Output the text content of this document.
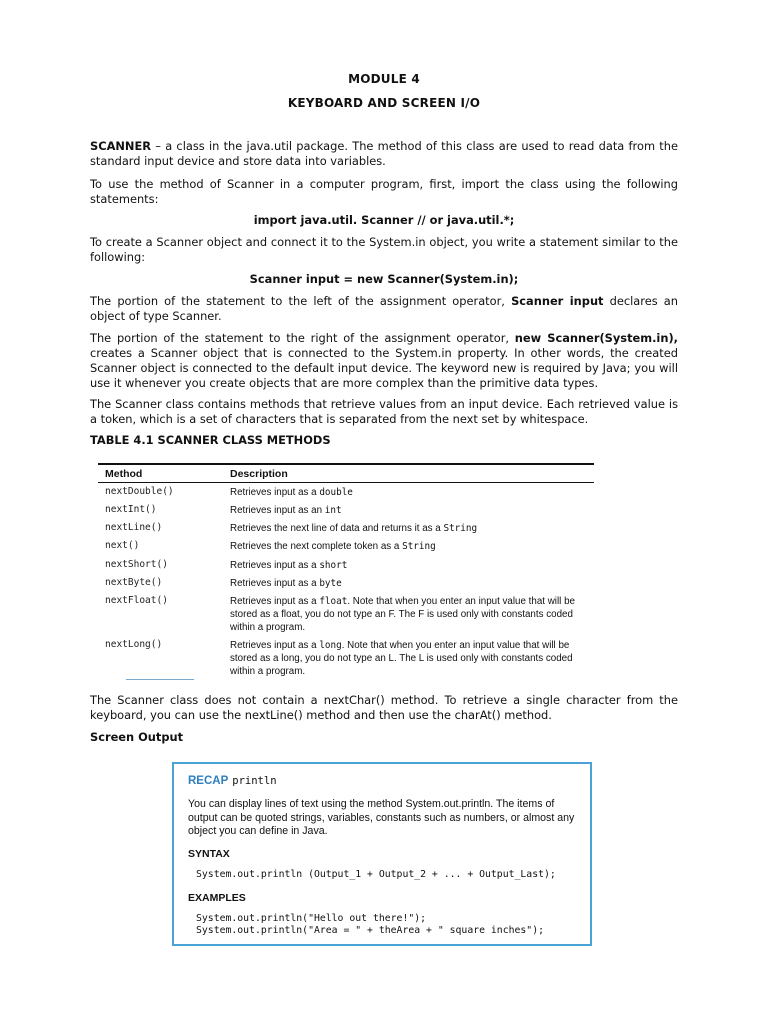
MODULE 4
KEYBOARD AND SCREEN I/O

SCANNER – a class in the java.util package. The method of this class are used to read data from the standard input device and store data into variables.

To use the method of Scanner in a computer program, first, import the class using the following statements:

import java.util. Scanner // or java.util.*;

To create a Scanner object and connect it to the System.in object, you write a statement similar to the following:

Scanner input = new Scanner(System.in);

The portion of the statement to the left of the assignment operator, Scanner input declares an object of type Scanner.

The portion of the statement to the right of the assignment operator, new Scanner(System.in), creates a Scanner object that is connected to the System.in property. In other words, the created Scanner object is connected to the default input device. The keyword new is required by Java; you will use it whenever you create objects that are more complex than the primitive data types.

The Scanner class contains methods that retrieve values from an input device. Each retrieved value is a token, which is a set of characters that is separated from the next set by whitespace.

TABLE 4.1 SCANNER CLASS METHODS
Method	Description
nextDouble()	Retrieves input as a double
nextInt()	Retrieves input as an int
nextLine()	Retrieves the next line of data and returns it as a String
next()	Retrieves the next complete token as a String
nextShort()	Retrieves input as a short
nextByte()	Retrieves input as a byte
nextFloat()	Retrieves input as a float. Note that when you enter an input value that will be stored as a float, you do not type an F. The F is used only with constants coded within a program.
nextLong()	Retrieves input as a long. Note that when you enter an input value that will be stored as a long, you do not type an L. The L is used only with constants coded within a program.

The Scanner class does not contain a nextChar() method. To retrieve a single character from the keyboard, you can use the nextLine() method and then use the charAt() method.

Screen Output
RECAP println
You can display lines of text using the method System.out.println. The items of output can be quoted strings, variables, constants such as numbers, or almost any object you can define in Java.
SYNTAX
System.out.println (Output_1 + Output_2 + ... + Output_Last);
EXAMPLES
System.out.println("Hello out there!");
System.out.println("Area = " + theArea + " square inches");
